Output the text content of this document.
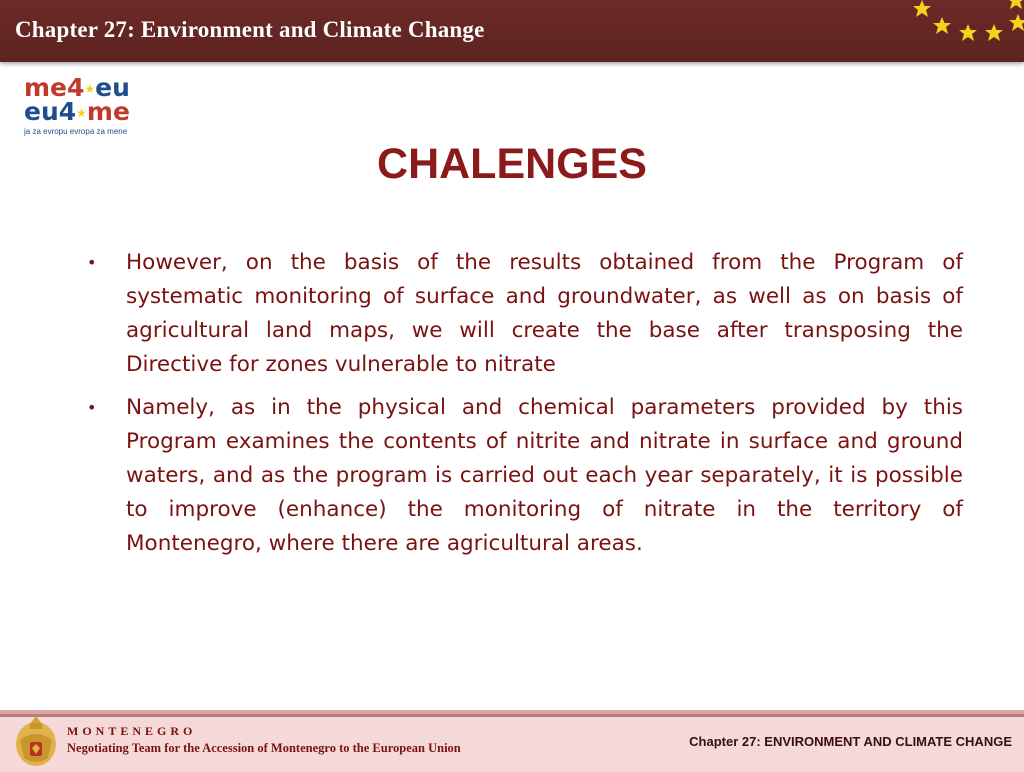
Chapter 27: Environment and Climate Change
me4★eu
eu4★me
ja za evropu evropa za mene
CHALENGES
• However, on the basis of the results obtained from the Program of systematic monitoring of surface and groundwater, as well as on basis of agricultural land maps, we will create the base after transposing the Directive for zones vulnerable to nitrate
• Namely, as in the physical and chemical parameters provided by this Program examines the contents of nitrite and nitrate in surface and ground waters, and as the program is carried out each year separately, it is possible to improve (enhance) the monitoring of nitrate in the territory of Montenegro, where there are agricultural areas.
MONTENEGRO
Negotiating Team for the Accession of Montenegro to the European Union	Chapter 27: ENVIRONMENT AND CLIMATE CHANGE
